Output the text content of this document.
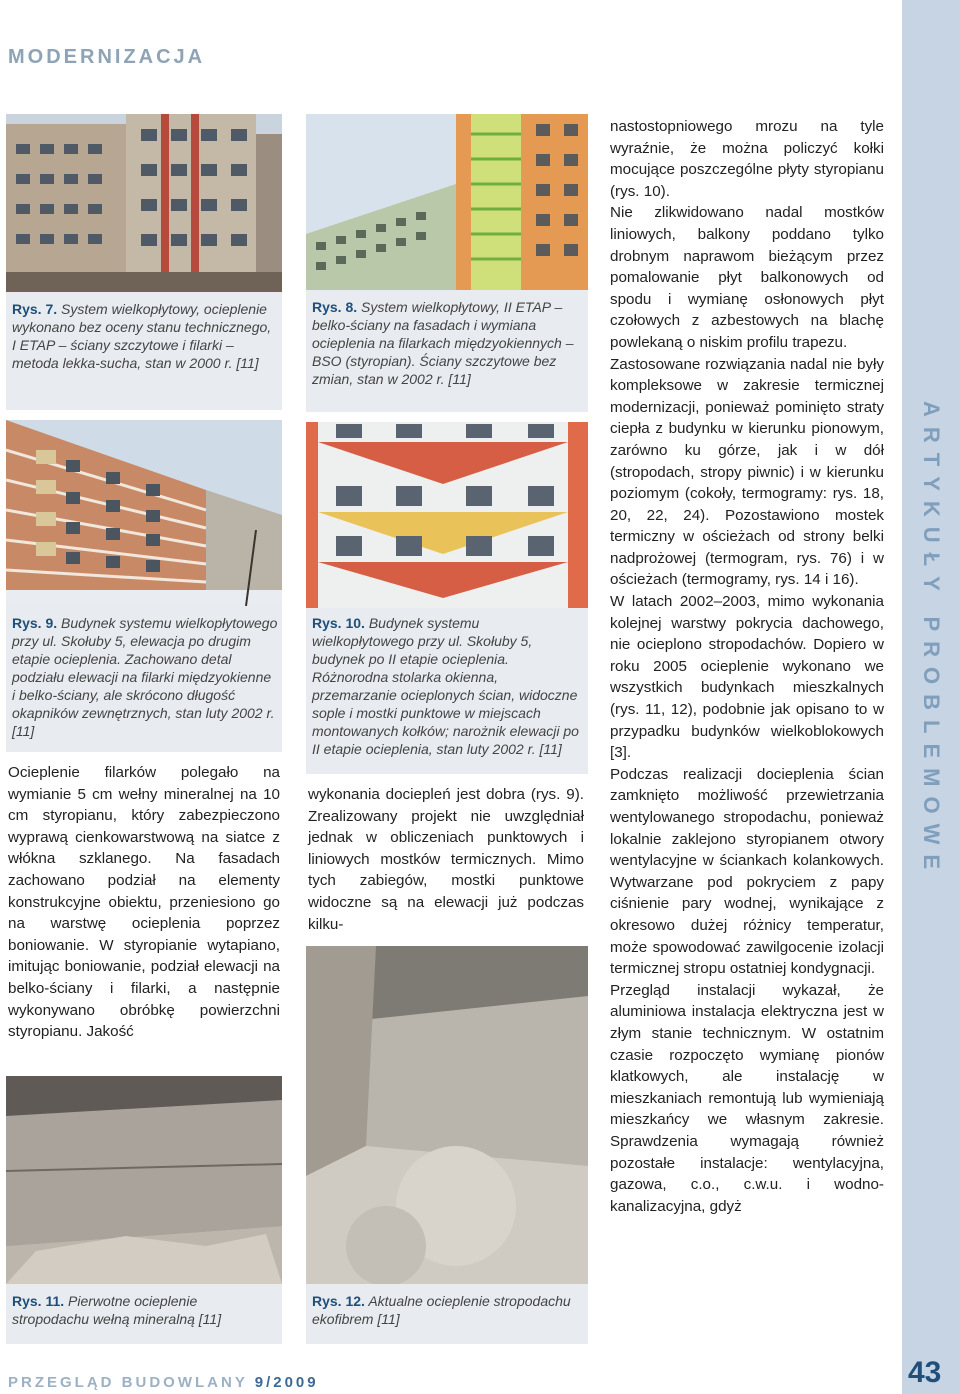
MODERNIZACJA
ARTYKUŁY PROBLEMOWE
Rys. 7. System wielkopłytowy, ocieplenie wykonano bez oceny stanu technicznego, I ETAP – ściany szczytowe i filarki – metoda lekka-sucha, stan w 2000 r. [11]
Rys. 9. Budynek systemu wielkopłytowego przy ul. Skołuby 5, elewacja po drugim etapie ocieplenia. Zachowano detal podziału elewacji na filarki międzyokienne i belko-ściany, ale skrócono długość okapników zewnętrznych, stan luty 2002 r. [11]
Ocieplenie filarków polegało na wymianie 5 cm wełny mineralnej na 10 cm styropianu, który zabezpieczono wyprawą cienkowarstwową na siatce z włókna szklanego. Na fasadach zachowano podział na elementy konstrukcyjne obiektu, przeniesiono go na warstwę ocieplenia poprzez boniowanie. W styropianie wytapiano, imitując boniowanie, podział elewacji na belko-ściany i filarki, a następnie wykonywano obróbkę powierzchni styropianu. Jakość
Rys. 11. Pierwotne ocieplenie stropodachu wełną mineralną [11]
Rys. 8. System wielkopłytowy, II ETAP – belko-ściany na fasadach i wymiana ocieplenia na filarkach międzyokiennych – BSO (styropian). Ściany szczytowe bez zmian, stan w 2002 r. [11]
Rys. 10. Budynek systemu wielkopłytowego przy ul. Skołuby 5, budynek po II etapie ocieplenia. Różnorodna stolarka okienna, przemarzanie ocieplonych ścian, widoczne sople i mostki punktowe w miejscach montowanych kołków; narożnik elewacji po II etapie ocieplenia, stan luty 2002 r. [11]
wykonania dociepleń jest dobra (rys. 9). Zrealizowany projekt nie uwzględniał jednak w obliczeniach punktowych i liniowych mostków termicznych. Mimo tych zabiegów, mostki punktowe widoczne są na elewacji już podczas kilku-
Rys. 12. Aktualne ocieplenie stropodachu ekofibrem [11]
nastostopniowego mrozu na tyle wyraźnie, że można policzyć kołki mocujące poszczególne płyty styropianu (rys. 10).
Nie zlikwidowano nadal mostków liniowych, balkony poddano tylko drobnym naprawom bieżącym przez pomalowanie płyt balkonowych od spodu i wymianę osłonowych płyt czołowych z azbestowych na blachę powlekaną o niskim profilu trapezu.
Zastosowane rozwiązania nadal nie były kompleksowe w zakresie termicznej modernizacji, ponieważ pominięto straty ciepła z budynku w kierunku pionowym, zarówno ku górze, jak i w dół (stropodach, stropy piwnic) i w kierunku poziomym (cokoły, termogramy: rys. 18, 20, 22, 24). Pozostawiono mostek termiczny w ościeżach od strony belki nadprożowej (termogram, rys. 76) i w ościeżach (termogramy, rys. 14 i 16).
W latach 2002–2003, mimo wykonania kolejnej warstwy pokrycia dachowego, nie ocieplono stropodachów. Dopiero w roku 2005 ocieplenie wykonano we wszystkich budynkach mieszkalnych (rys. 11, 12), podobnie jak opisano to w przypadku budynków wielkoblokowych [3].
Podczas realizacji docieplenia ścian zamknięto możliwość przewietrzania wentylowanego stropodachu, ponieważ lokalnie zaklejono styropianem otwory wentylacyjne w ściankach kolankowych. Wytwarzane pod pokryciem z papy ciśnienie pary wodnej, wynikające z okresowo dużej różnicy temperatur, może spowodować zawilgocenie izolacji termicznej stropu ostatniej kondygnacji.
Przegląd instalacji wykazał, że aluminiowa instalacja elektryczna jest w złym stanie technicznym. W ostatnim czasie rozpoczęto wymianę pionów klatkowych, ale instalację w mieszkaniach remontują lub wymieniają mieszkańcy we własnym zakresie. Sprawdzenia wymagają również pozostałe instalacje: wentylacyjna, gazowa, c.o., c.w.u. i wodno-kanalizacyjna, gdyż
PRZEGLĄD BUDOWLANY 9/2009	43
